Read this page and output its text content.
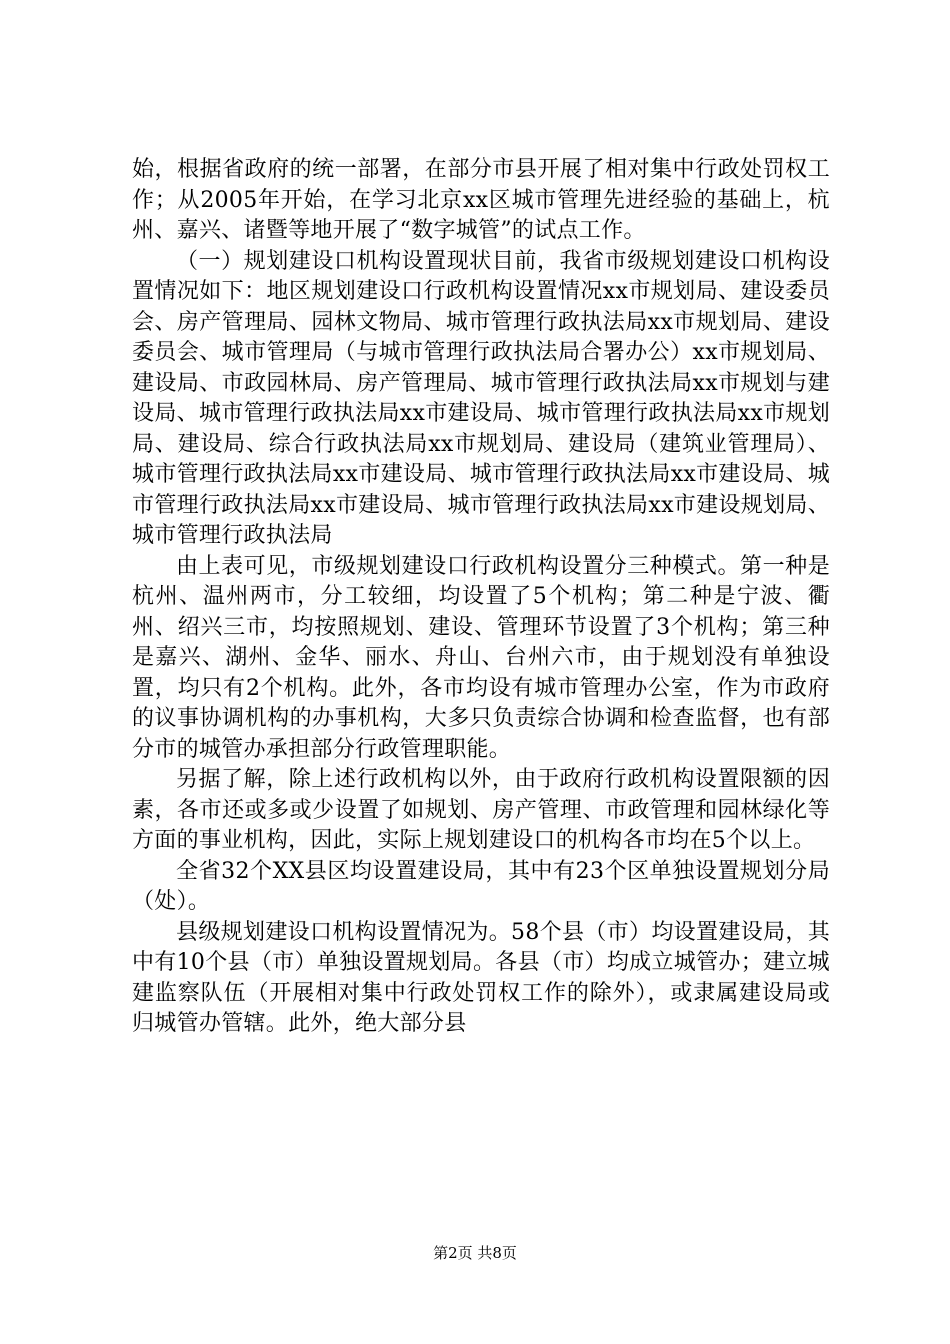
始，根据省政府的统一部署，在部分市县开展了相对集中行政处罚权工作；从2005年开始，在学习北京xx区城市管理先进经验的基础上，杭州、嘉兴、诸暨等地开展了“数字城管”的试点工作。

（一）规划建设口机构设置现状目前，我省市级规划建设口机构设置情况如下：地区规划建设口行政机构设置情况xx市规划局、建设委员会、房产管理局、园林文物局、城市管理行政执法局xx市规划局、建设委员会、城市管理局（与城市管理行政执法局合署办公）xx市规划局、建设局、市政园林局、房产管理局、城市管理行政执法局xx市规划与建设局、城市管理行政执法局xx市建设局、城市管理行政执法局xx市规划局、建设局、综合行政执法局xx市规划局、建设局（建筑业管理局）、城市管理行政执法局xx市建设局、城市管理行政执法局xx市建设局、城市管理行政执法局xx市建设局、城市管理行政执法局xx市建设规划局、城市管理行政执法局

由上表可见，市级规划建设口行政机构设置分三种模式。第一种是杭州、温州两市，分工较细，均设置了5个机构；第二种是宁波、衢州、绍兴三市，均按照规划、建设、管理环节设置了3个机构；第三种是嘉兴、湖州、金华、丽水、舟山、台州六市，由于规划没有单独设置，均只有2个机构。此外，各市均设有城市管理办公室，作为市政府的议事协调机构的办事机构，大多只负责综合协调和检查监督，也有部分市的城管办承担部分行政管理职能。

另据了解，除上述行政机构以外，由于政府行政机构设置限额的因素，各市还或多或少设置了如规划、房产管理、市政管理和园林绿化等方面的事业机构，因此，实际上规划建设口的机构各市均在5个以上。

全省32个XX县区均设置建设局，其中有23个区单独设置规划分局（处）。

县级规划建设口机构设置情况为。58个县（市）均设置建设局，其中有10个县（市）单独设置规划局。各县（市）均成立城管办；建立城建监察队伍（开展相对集中行政处罚权工作的除外），或隶属建设局或归城管办管辖。此外，绝大部分县

第2页 共8页
